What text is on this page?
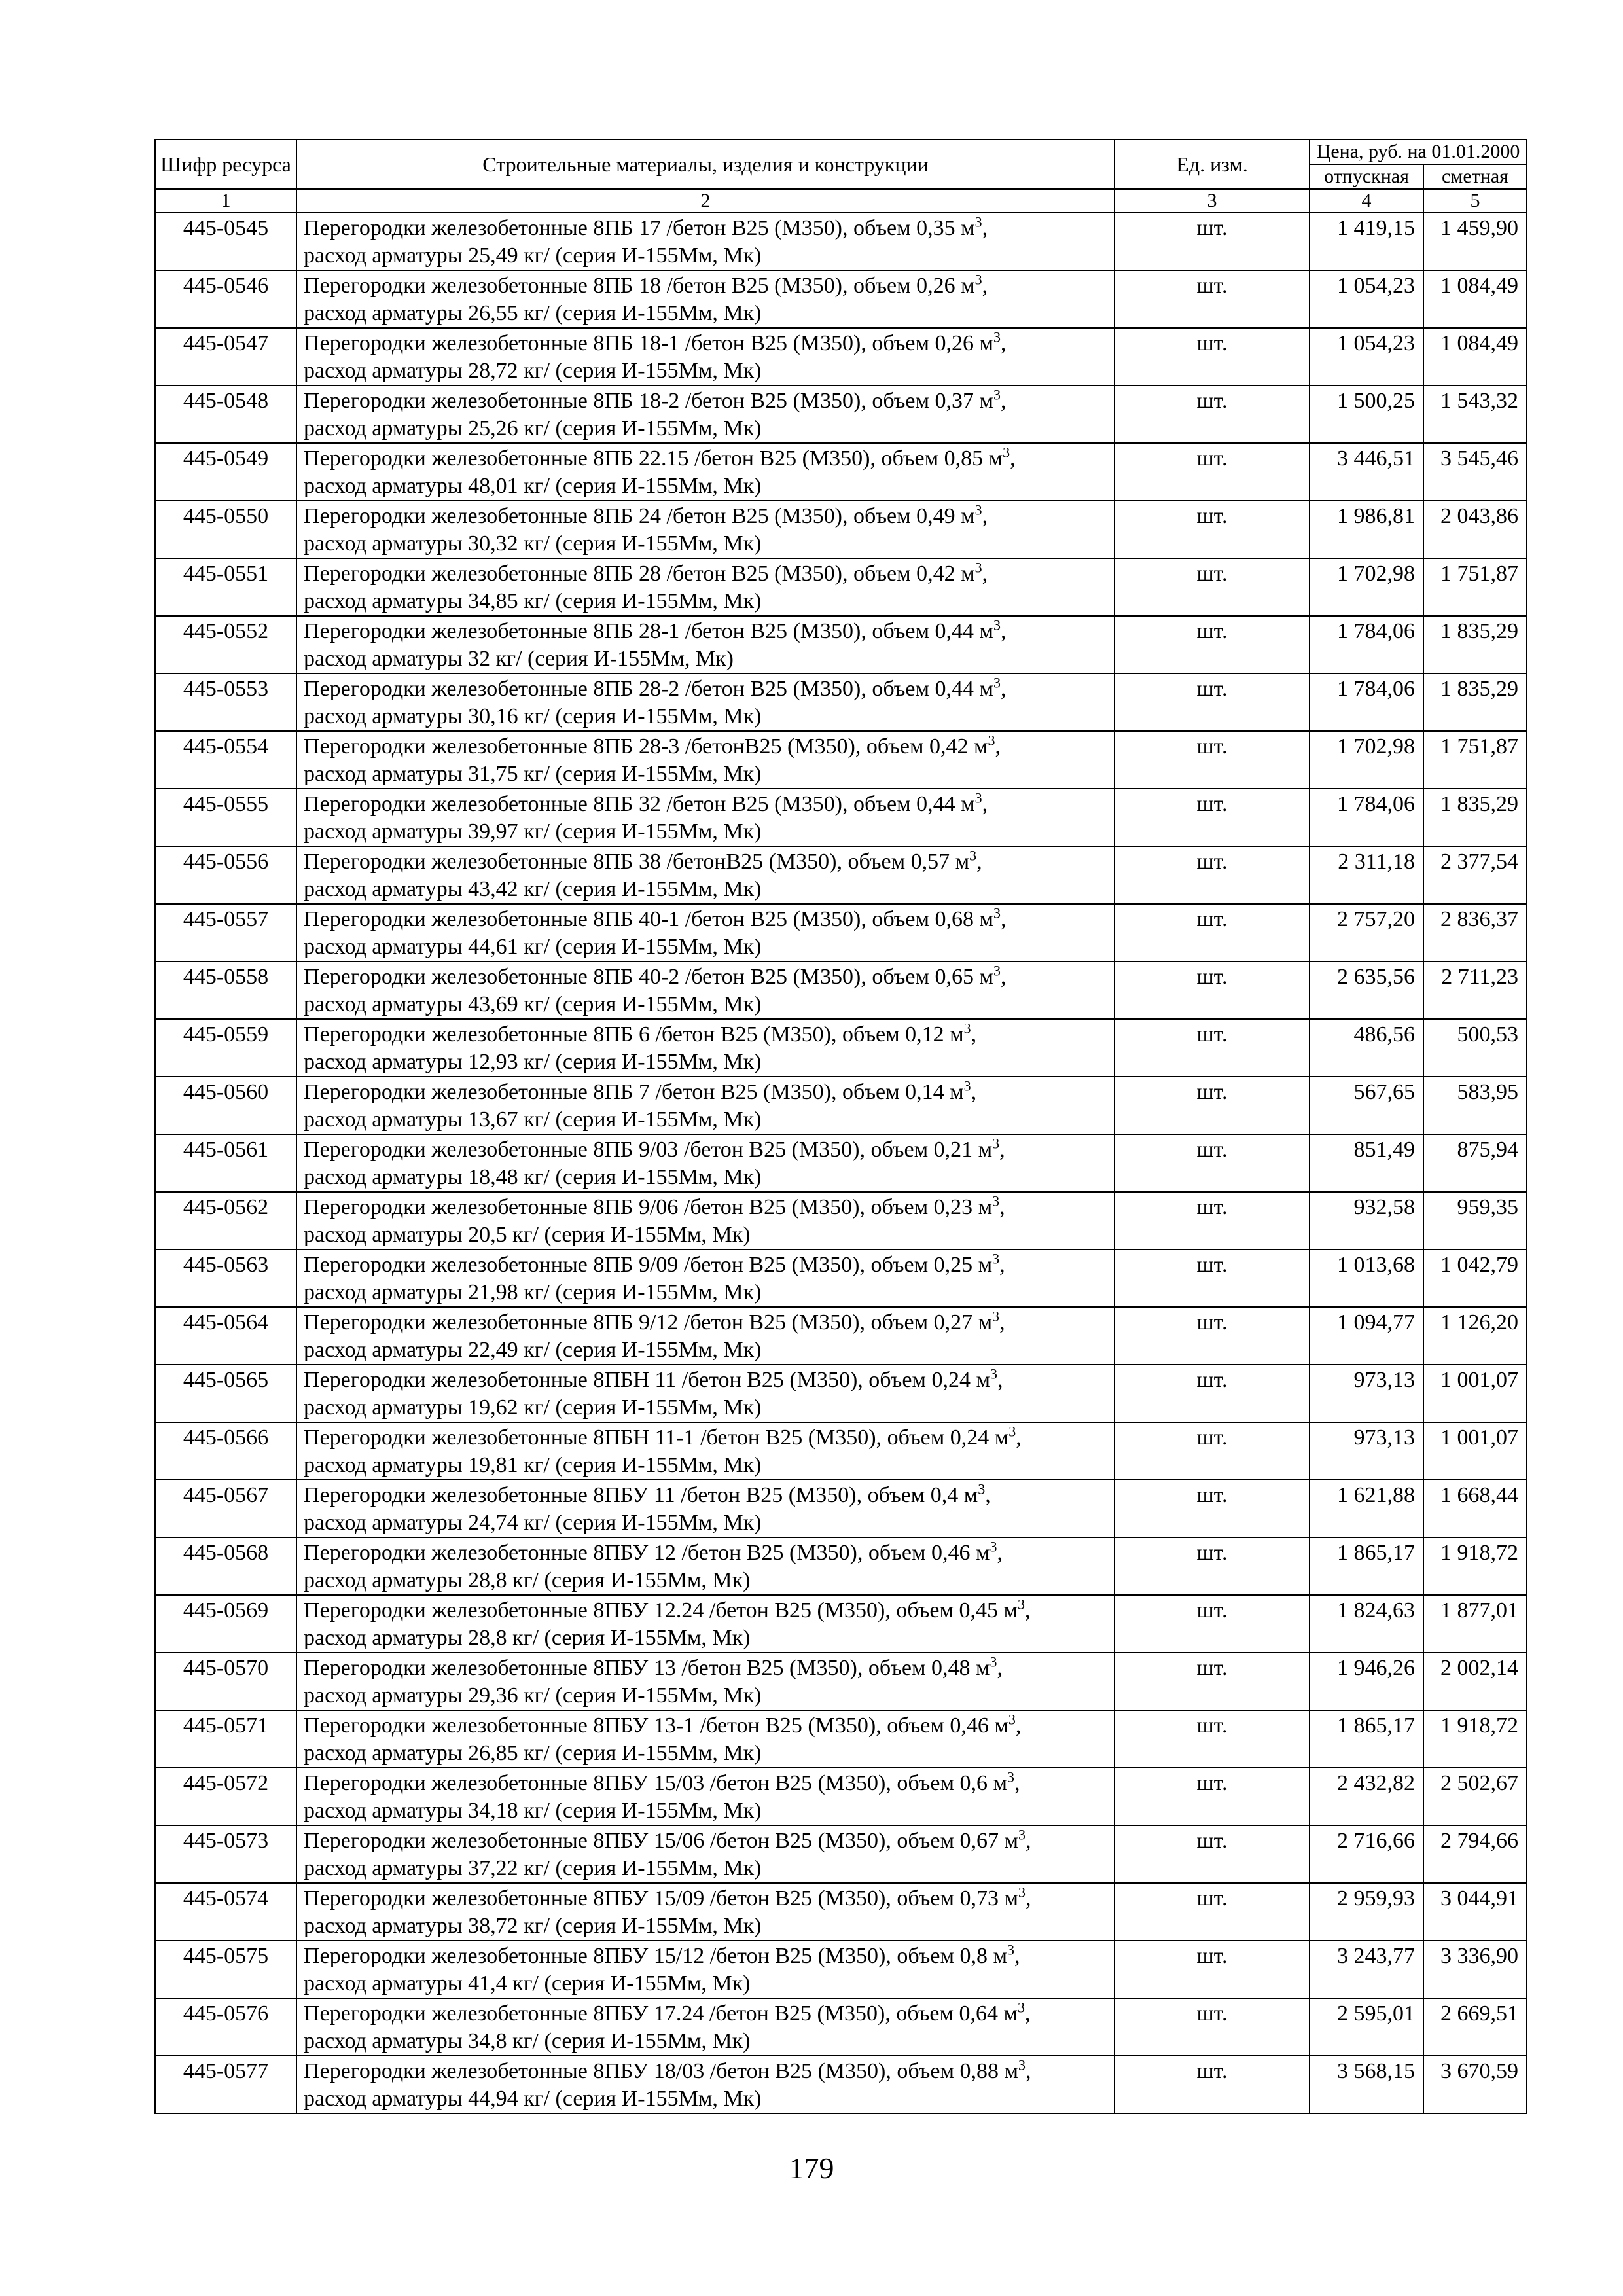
Шифр ресурса	Строительные материалы, изделия и конструкции	Ед. изм.	Цена, руб. на 01.01.2000	
			отпускная	сметная
1	2	3	4	5
445-0545	Перегородки железобетонные 8ПБ 17 /бетон В25 (М350), объем 0,35 $м^3$,
расход арматуры 25,49 кг/ (серия И-155Мм, Мк)	шт.	1 419,15	1 459,90
445-0546	Перегородки железобетонные 8ПБ 18 /бетон В25 (М350), объем 0,26 $м^3$,
расход арматуры 26,55 кг/ (серия И-155Мм, Мк)	шт.	1 054,23	1 084,49
445-0547	Перегородки железобетонные 8ПБ 18-1 /бетон В25 (М350), объем 0,26 $м^3$,
расход арматуры 28,72 кг/ (серия И-155Мм, Мк)	шт.	1 054,23	1 084,49
445-0548	Перегородки железобетонные 8ПБ 18-2 /бетон В25 (М350), объем 0,37 $м^3$,
расход арматуры 25,26 кг/ (серия И-155Мм, Мк)	шт.	1 500,25	1 543,32
445-0549	Перегородки железобетонные 8ПБ 22.15 /бетон В25 (М350), объем 0,85 $м^3$,
расход арматуры 48,01 кг/ (серия И-155Мм, Мк)	шт.	3 446,51	3 545,46
445-0550	Перегородки железобетонные 8ПБ 24 /бетон В25 (М350), объем 0,49 $м^3$,
расход арматуры 30,32 кг/ (серия И-155Мм, Мк)	шт.	1 986,81	2 043,86
445-0551	Перегородки железобетонные 8ПБ 28 /бетон В25 (М350), объем 0,42 $м^3$,
расход арматуры 34,85 кг/ (серия И-155Мм, Мк)	шт.	1 702,98	1 751,87
445-0552	Перегородки железобетонные 8ПБ 28-1 /бетон В25 (М350), объем 0,44 $м^3$,
расход арматуры 32 кг/ (серия И-155Мм, Мк)	шт.	1 784,06	1 835,29
445-0553	Перегородки железобетонные 8ПБ 28-2 /бетон В25 (М350), объем 0,44 $м^3$,
расход арматуры 30,16 кг/ (серия И-155Мм, Мк)	шт.	1 784,06	1 835,29
445-0554	Перегородки железобетонные 8ПБ 28-3 /бетонВ25 (М350), объем 0,42 $м^3$,
расход арматуры 31,75 кг/ (серия И-155Мм, Мк)	шт.	1 702,98	1 751,87
445-0555	Перегородки железобетонные 8ПБ 32 /бетон В25 (М350), объем 0,44 $м^3$,
расход арматуры 39,97 кг/ (серия И-155Мм, Мк)	шт.	1 784,06	1 835,29
445-0556	Перегородки железобетонные 8ПБ 38 /бетонВ25 (М350), объем 0,57 $м^3$,
расход арматуры 43,42 кг/ (серия И-155Мм, Мк)	шт.	2 311,18	2 377,54
445-0557	Перегородки железобетонные 8ПБ 40-1 /бетон В25 (М350), объем 0,68 $м^3$,
расход арматуры 44,61 кг/ (серия И-155Мм, Мк)	шт.	2 757,20	2 836,37
445-0558	Перегородки железобетонные 8ПБ 40-2 /бетон В25 (М350), объем 0,65 $м^3$,
расход арматуры 43,69 кг/ (серия И-155Мм, Мк)	шт.	2 635,56	2 711,23
445-0559	Перегородки железобетонные 8ПБ 6 /бетон В25 (М350), объем 0,12 $м^3$,
расход арматуры 12,93 кг/ (серия И-155Мм, Мк)	шт.	486,56	500,53
445-0560	Перегородки железобетонные 8ПБ 7 /бетон В25 (М350), объем 0,14 $м^3$,
расход арматуры 13,67 кг/ (серия И-155Мм, Мк)	шт.	567,65	583,95
445-0561	Перегородки железобетонные 8ПБ 9/03 /бетон В25 (М350), объем 0,21 $м^3$,
расход арматуры 18,48 кг/ (серия И-155Мм, Мк)	шт.	851,49	875,94
445-0562	Перегородки железобетонные 8ПБ 9/06 /бетон В25 (М350), объем 0,23 $м^3$,
расход арматуры 20,5 кг/ (серия И-155Мм, Мк)	шт.	932,58	959,35
445-0563	Перегородки железобетонные 8ПБ 9/09 /бетон В25 (М350), объем 0,25 $м^3$,
расход арматуры 21,98 кг/ (серия И-155Мм, Мк)	шт.	1 013,68	1 042,79
445-0564	Перегородки железобетонные 8ПБ 9/12 /бетон В25 (М350), объем 0,27 $м^3$,
расход арматуры 22,49 кг/ (серия И-155Мм, Мк)	шт.	1 094,77	1 126,20
445-0565	Перегородки железобетонные 8ПБН 11 /бетон В25 (М350), объем 0,24 $м^3$,
расход арматуры 19,62 кг/ (серия И-155Мм, Мк)	шт.	973,13	1 001,07
445-0566	Перегородки железобетонные 8ПБН 11-1 /бетон В25 (М350), объем 0,24 $м^3$,
расход арматуры 19,81 кг/ (серия И-155Мм, Мк)	шт.	973,13	1 001,07
445-0567	Перегородки железобетонные 8ПБУ 11 /бетон В25 (М350), объем 0,4 $м^3$,
расход арматуры 24,74 кг/ (серия И-155Мм, Мк)	шт.	1 621,88	1 668,44
445-0568	Перегородки железобетонные 8ПБУ 12 /бетон В25 (М350), объем 0,46 $м^3$,
расход арматуры 28,8 кг/ (серия И-155Мм, Мк)	шт.	1 865,17	1 918,72
445-0569	Перегородки железобетонные 8ПБУ 12.24 /бетон В25 (М350), объем 0,45 $м^3$,
расход арматуры 28,8 кг/ (серия И-155Мм, Мк)	шт.	1 824,63	1 877,01
445-0570	Перегородки железобетонные 8ПБУ 13 /бетон В25 (М350), объем 0,48 $м^3$,
расход арматуры 29,36 кг/ (серия И-155Мм, Мк)	шт.	1 946,26	2 002,14
445-0571	Перегородки железобетонные 8ПБУ 13-1 /бетон В25 (М350), объем 0,46 $м^3$,
расход арматуры 26,85 кг/ (серия И-155Мм, Мк)	шт.	1 865,17	1 918,72
445-0572	Перегородки железобетонные 8ПБУ 15/03 /бетон В25 (М350), объем 0,6 $м^3$,
расход арматуры 34,18 кг/ (серия И-155Мм, Мк)	шт.	2 432,82	2 502,67
445-0573	Перегородки железобетонные 8ПБУ 15/06 /бетон В25 (М350), объем 0,67 $м^3$,
расход арматуры 37,22 кг/ (серия И-155Мм, Мк)	шт.	2 716,66	2 794,66
445-0574	Перегородки железобетонные 8ПБУ 15/09 /бетон В25 (М350), объем 0,73 $м^3$,
расход арматуры 38,72 кг/ (серия И-155Мм, Мк)	шт.	2 959,93	3 044,91
445-0575	Перегородки железобетонные 8ПБУ 15/12 /бетон В25 (М350), объем 0,8 $м^3$,
расход арматуры 41,4 кг/ (серия И-155Мм, Мк)	шт.	3 243,77	3 336,90
445-0576	Перегородки железобетонные 8ПБУ 17.24 /бетон В25 (М350), объем 0,64 $м^3$,
расход арматуры 34,8 кг/ (серия И-155Мм, Мк)	шт.	2 595,01	2 669,51
445-0577	Перегородки железобетонные 8ПБУ 18/03 /бетон В25 (М350), объем 0,88 $м^3$,
расход арматуры 44,94 кг/ (серия И-155Мм, Мк)	шт.	3 568,15	3 670,59
179
